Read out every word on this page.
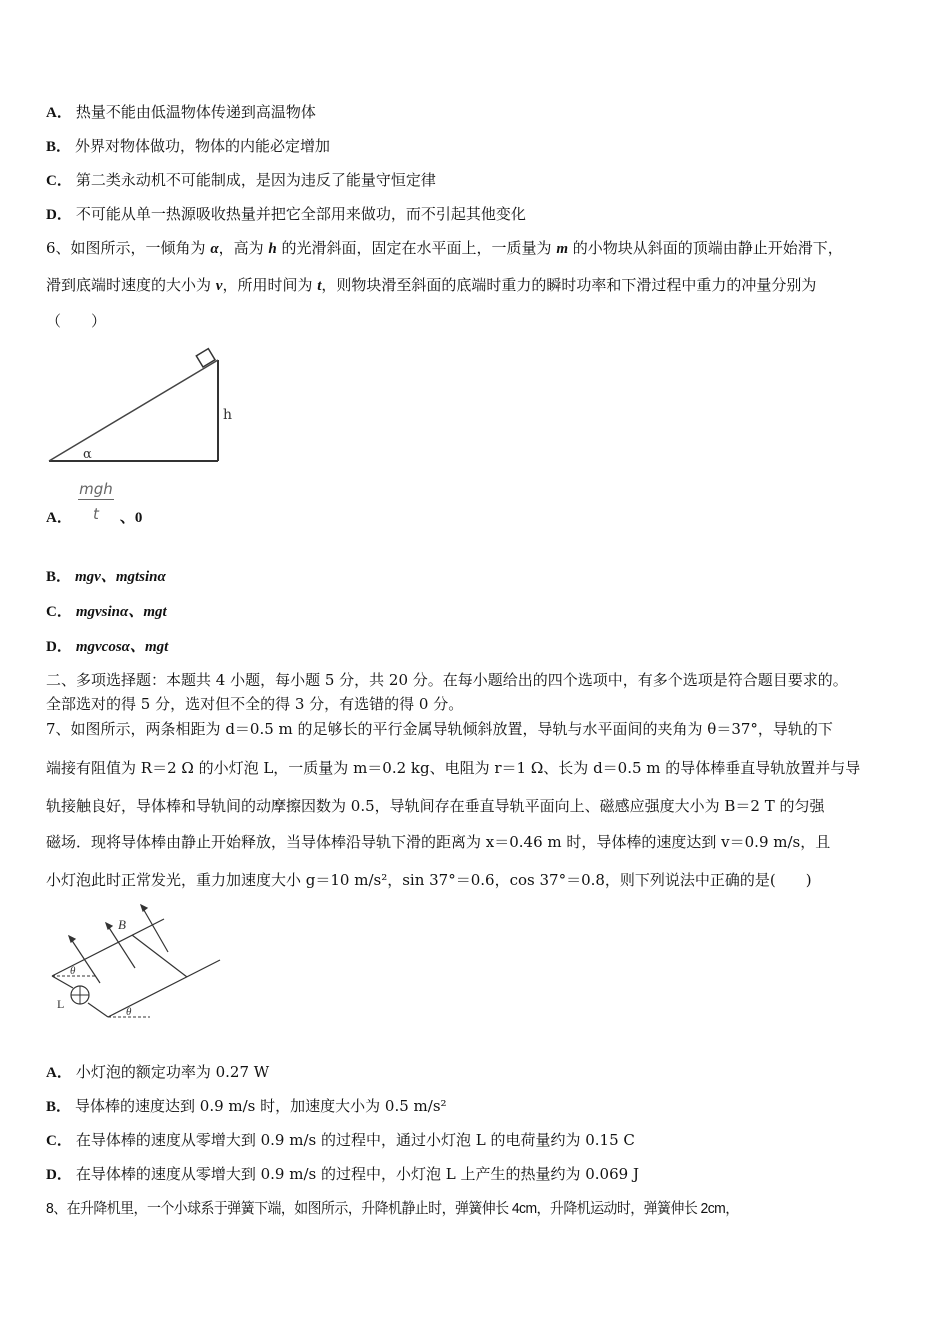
A． 热量不能由低温物体传递到高温物体
B． 外界对物体做功，物体的内能必定增加
C． 第二类永动机不可能制成，是因为违反了能量守恒定律
D． 不可能从单一热源吸收热量并把它全部用来做功，而不引起其他变化
6、如图所示，一倾角为 α，高为 h 的光滑斜面，固定在水平面上，一质量为 m 的小物块从斜面的顶端由静止开始滑下，
滑到底端时速度的大小为 v，所用时间为 t，则物块滑至斜面的底端时重力的瞬时功率和下滑过程中重力的冲量分别为
（　　）
h
α
mgh
t
A．	、0
B． mgv、mgtsinα
C． mgvsinα、mgt
D． mgvcosα、mgt
二、多项选择题：本题共 4 小题，每小题 5 分，共 20 分。在每小题给出的四个选项中，有多个选项是符合题目要求的。
全部选对的得 5 分，选对但不全的得 3 分，有选错的得 0 分。
7、如图所示，两条相距为 d＝0.5 m 的足够长的平行金属导轨倾斜放置，导轨与水平面间的夹角为 θ＝37°，导轨的下
端接有阻值为 R＝2 Ω 的小灯泡 L，一质量为 m＝0.2 kg、电阻为 r＝1 Ω、长为 d＝0.5 m 的导体棒垂直导轨放置并与导
轨接触良好，导体棒和导轨间的动摩擦因数为 0.5，导轨间存在垂直导轨平面向上、磁感应强度大小为 B＝2 T 的匀强
磁场．现将导体棒由静止开始释放，当导体棒沿导轨下滑的距离为 x＝0.46 m 时，导体棒的速度达到 v＝0.9 m/s，且
小灯泡此时正常发光，重力加速度大小 g＝10 m/s²，sin 37°＝0.6，cos 37°＝0.8，则下列说法中正确的是(　　)
θ
θ
B
L
A． 小灯泡的额定功率为 0.27 W
B． 导体棒的速度达到 0.9 m/s 时，加速度大小为 0.5 m/s²
C． 在导体棒的速度从零增大到 0.9 m/s 的过程中，通过小灯泡 L 的电荷量约为 0.15 C
D． 在导体棒的速度从零增大到 0.9 m/s 的过程中，小灯泡 L 上产生的热量约为 0.069 J
8、在升降机里，一个小球系于弹簧下端，如图所示，升降机静止时，弹簧伸长 4cm，升降机运动时，弹簧伸长 2cm，
